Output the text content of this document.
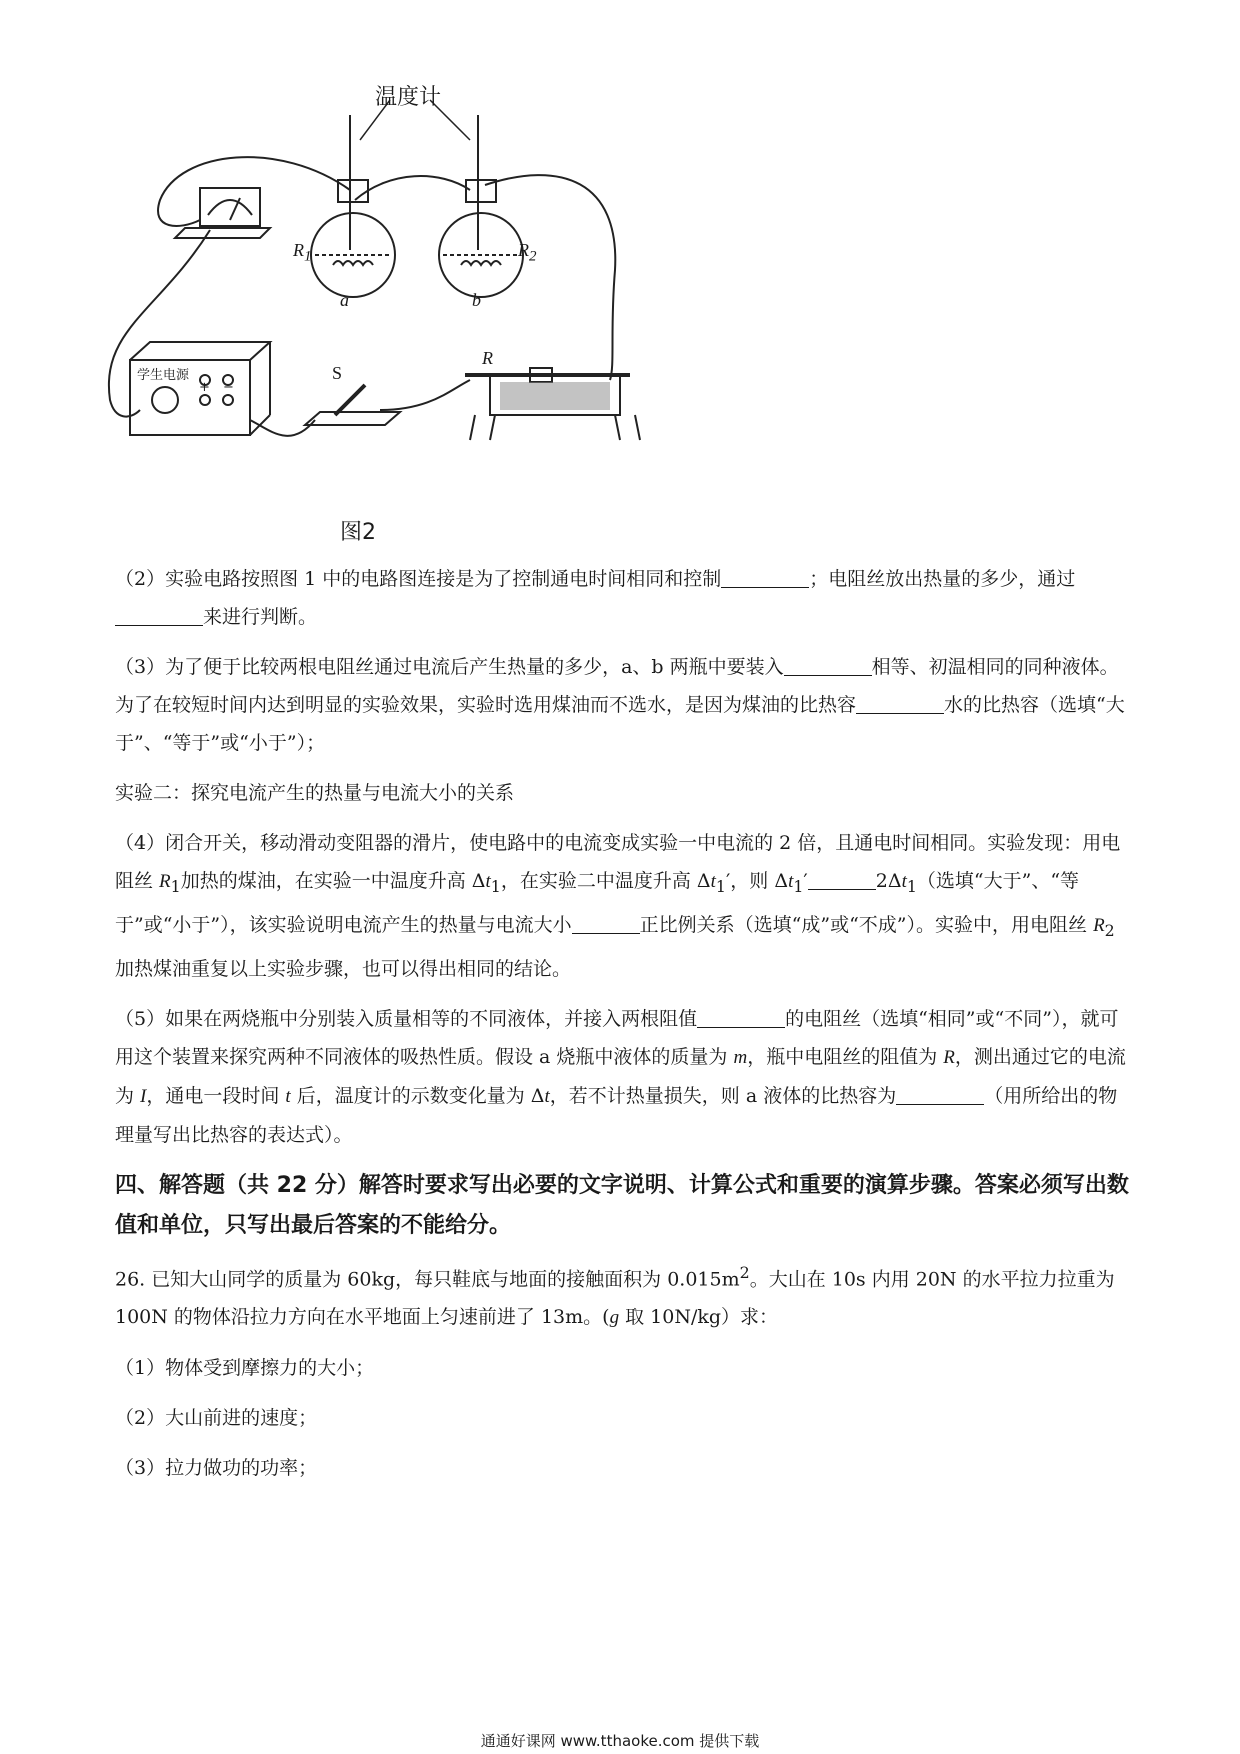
温度计
$R_1$	$R_2$
a	b
R
S
学生电源
+ −
图2

（2）实验电路按照图 1 中的电路图连接是为了控制通电时间相同和控制	；电阻丝放出热量的多少，通过来进行判断。

（3）为了便于比较两根电阻丝通过电流后产生热量的多少，a、b 两瓶中要装入	相等、初温相同的同种液体。为了在较短时间内达到明显的实验效果，实验时选用煤油而不选水，是因为煤油的比热容	水的比热容（选填“大于”、“等于”或“小于”）；

实验二：探究电流产生的热量与电流大小的关系

（4）闭合开关，移动滑动变阻器的滑片，使电路中的电流变成实验一中电流的 2 倍，且通电时间相同。实验发现：用电阻丝 $R_1$加热的煤油，在实验一中温度升高 $\Delta t_1$，在实验二中温度升高 $\Delta t_1'$，则 $\Delta t_1'$	$2\Delta t_1$（选填“大于”、“等于”或“小于”），该实验说明电流产生的热量与电流大小	正比例关系（选填“成”或“不成”）。实验中，用电阻丝 $R_2$加热煤油重复以上实验步骤，也可以得出相同的结论。

（5）如果在两烧瓶中分别装入质量相等的不同液体，并接入两根阻值	的电阻丝（选填“相同”或“不同”），就可用这个装置来探究两种不同液体的吸热性质。假设 a 烧瓶中液体的质量为 m，瓶中电阻丝的阻值为 R，测出通过它的电流为 I，通电一段时间 t 后，温度计的示数变化量为 Δt，若不计热量损失，则 a 液体的比热容为	（用所给出的物理量写出比热容的表达式）。

四、解答题（共 22 分）解答时要求写出必要的文字说明、计算公式和重要的演算步骤。答案必须写出数值和单位，只写出最后答案的不能给分。

26. 已知大山同学的质量为 60kg，每只鞋底与地面的接触面积为 $0.015m^2$。大山在 10s 内用 20N 的水平拉力拉重为 100N 的物体沿拉力方向在水平地面上匀速前进了 13m。(g 取 10N/kg）求：

（1）物体受到摩擦力的大小；

（2）大山前进的速度；

（3）拉力做功的功率；

通通好课网 www.tthaoke.com 提供下载
